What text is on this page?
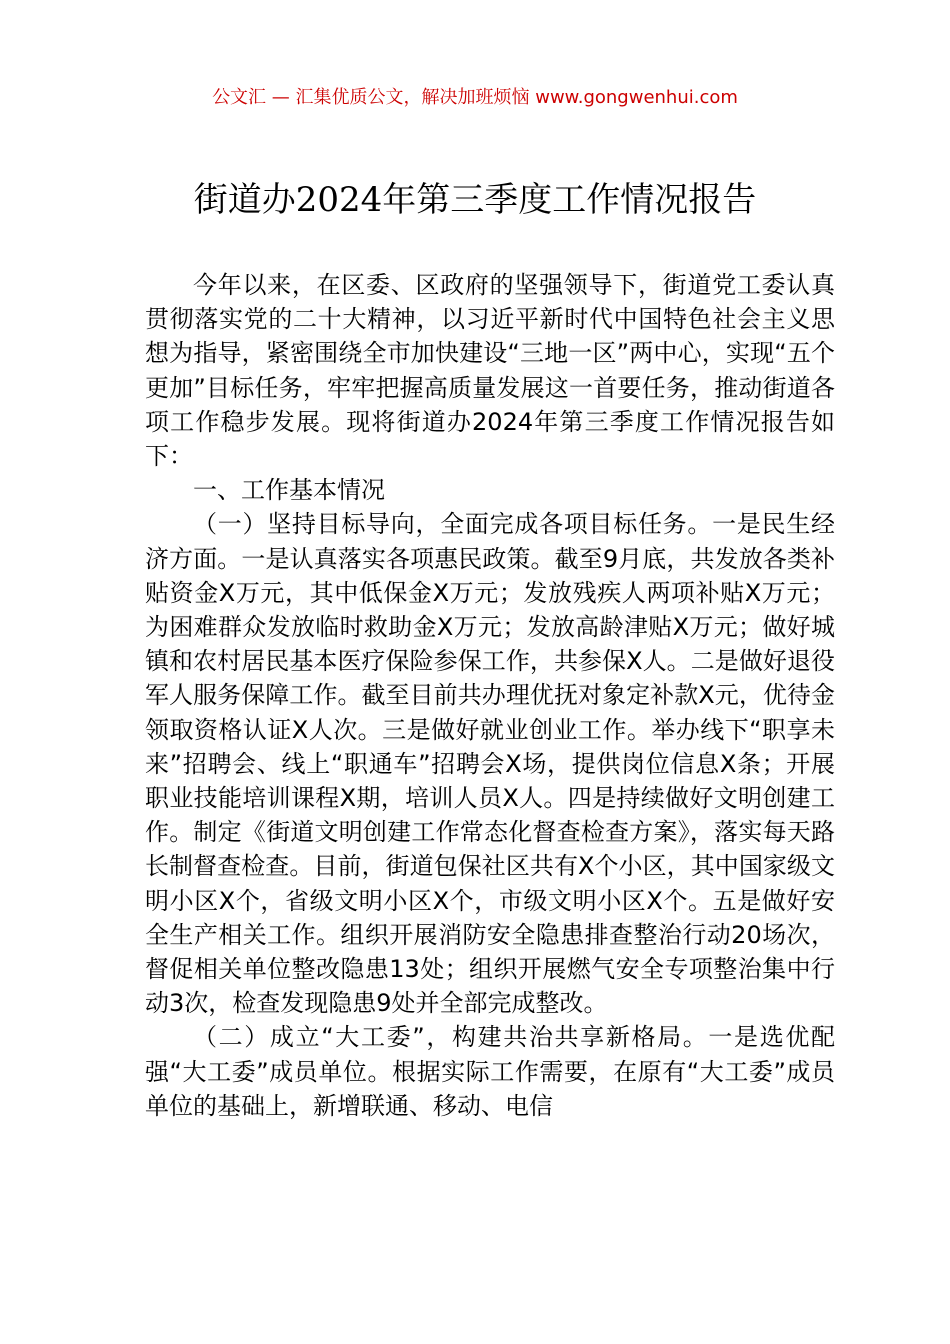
公文汇 — 汇集优质公文，解决加班烦恼 www.gongwenhui.com
街道办2024年第三季度工作情况报告

今年以来，在区委、区政府的坚强领导下，街道党工委认真贯彻落实党的二十大精神，以习近平新时代中国特色社会主义思想为指导，紧密围绕全市加快建设“三地一区”两中心，实现“五个更加”目标任务，牢牢把握高质量发展这一首要任务，推动街道各项工作稳步发展。现将街道办2024年第三季度工作情况报告如下：

一、工作基本情况

（一）坚持目标导向，全面完成各项目标任务。一是民生经济方面。一是认真落实各项惠民政策。截至9月底，共发放各类补贴资金X万元，其中低保金X万元；发放残疾人两项补贴X万元；为困难群众发放临时救助金X万元；发放高龄津贴X万元；做好城镇和农村居民基本医疗保险参保工作，共参保X人。二是做好退役军人服务保障工作。截至目前共办理优抚对象定补款X元，优待金领取资格认证X人次。三是做好就业创业工作。举办线下“职享未来”招聘会、线上“职通车”招聘会X场，提供岗位信息X条；开展职业技能培训课程X期，培训人员X人。四是持续做好文明创建工作。制定《街道文明创建工作常态化督查检查方案》，落实每天路长制督查检查。目前，街道包保社区共有X个小区，其中国家级文明小区X个，省级文明小区X个，市级文明小区X个。五是做好安全生产相关工作。组织开展消防安全隐患排查整治行动20场次，督促相关单位整改隐患13处；组织开展燃气安全专项整治集中行动3次，检查发现隐患9处并全部完成整改。

（二）成立“大工委”，构建共治共享新格局。一是选优配强“大工委”成员单位。根据实际工作需要，在原有“大工委”成员单位的基础上，新增联通、移动、电信
